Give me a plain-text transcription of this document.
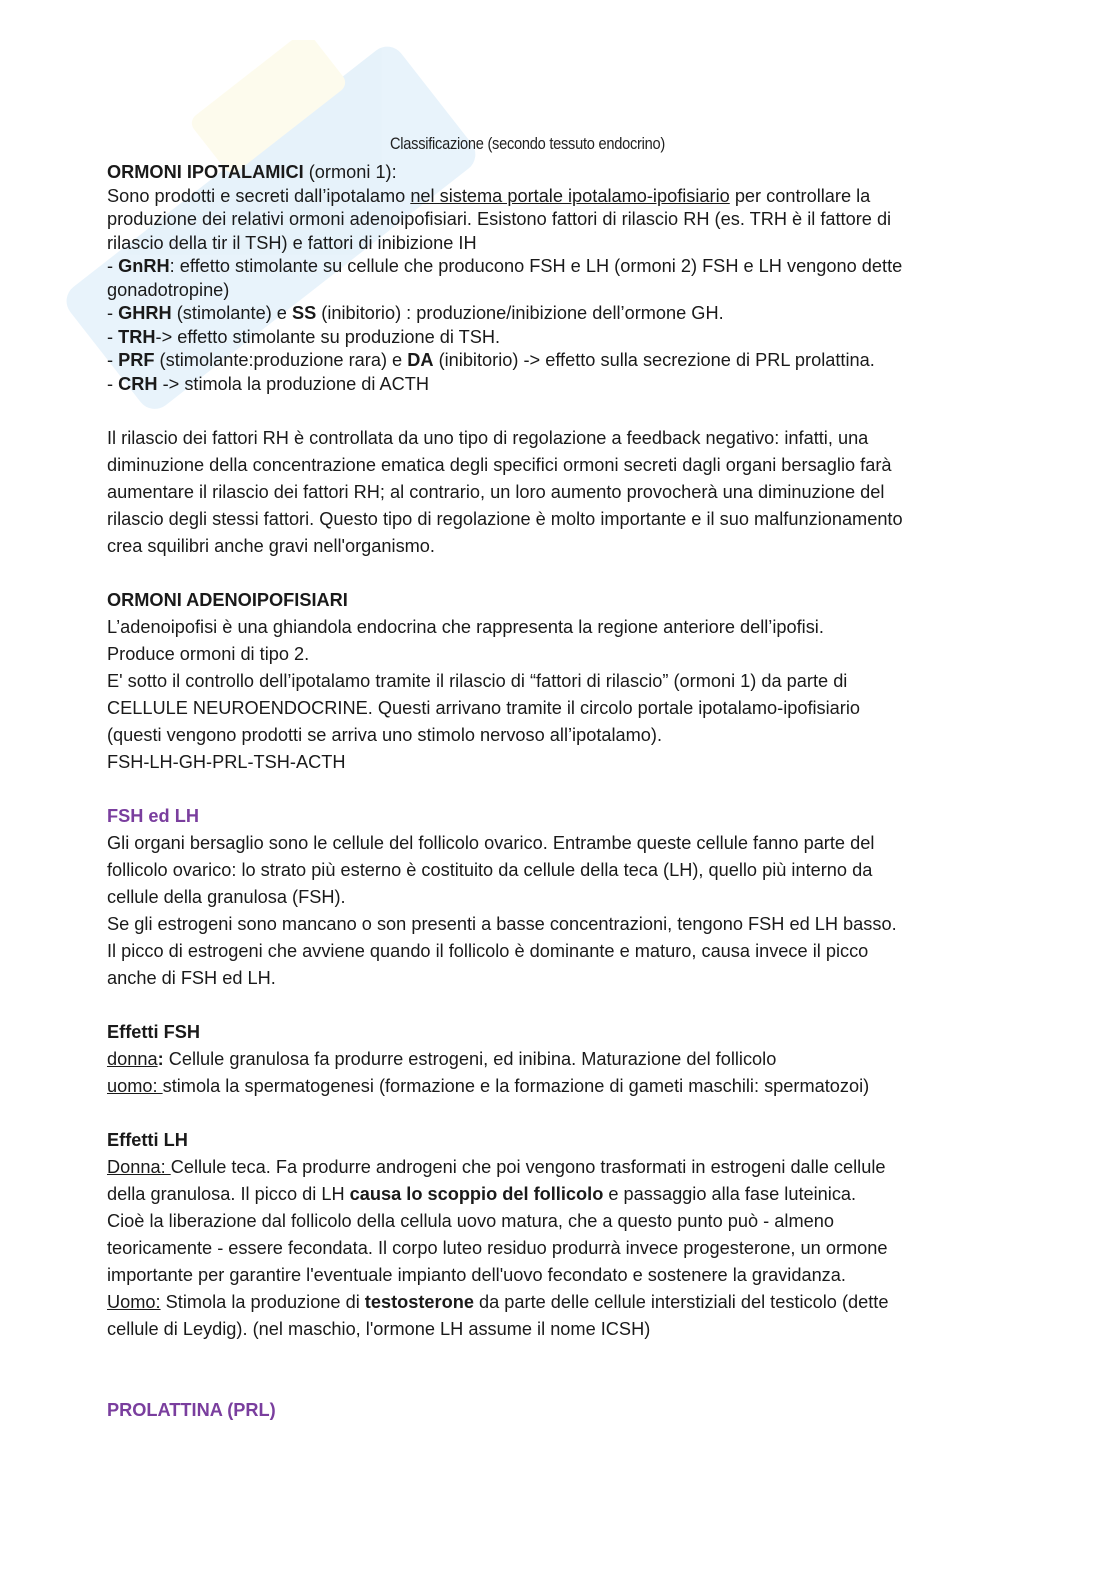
Classificazione (secondo tessuto endocrino)
ORMONI IPOTALAMICI (ormoni 1):
Sono prodotti e secreti dall’ipotalamo nel sistema portale ipotalamo-ipofisiario per controllare la
produzione dei relativi ormoni adenoipofisiari. Esistono fattori di rilascio RH (es. TRH è il fattore di
rilascio della tir il TSH) e fattori di inibizione IH
- GnRH: effetto stimolante su cellule che producono FSH e LH (ormoni 2) FSH e LH vengono dette
gonadotropine)
- GHRH (stimolante) e SS (inibitorio) : produzione/inibizione dell’ormone GH.
- TRH-> effetto stimolante su produzione di TSH.
- PRF (stimolante:produzione rara) e DA (inibitorio) -> effetto sulla secrezione di PRL prolattina.
- CRH -> stimola la produzione di ACTH
Il rilascio dei fattori RH è controllata da uno tipo di regolazione a feedback negativo: infatti, una
diminuzione della concentrazione ematica degli specifici ormoni secreti dagli organi bersaglio farà
aumentare il rilascio dei fattori RH; al contrario, un loro aumento provocherà una diminuzione del
rilascio degli stessi fattori. Questo tipo di regolazione è molto importante e il suo malfunzionamento
crea squilibri anche gravi nell'organismo.
ORMONI ADENOIPOFISIARI
L’adenoipofisi è una ghiandola endocrina che rappresenta la regione anteriore dell’ipofisi.
Produce ormoni di tipo 2.
E' sotto il controllo dell’ipotalamo tramite il rilascio di “fattori di rilascio” (ormoni 1) da parte di
CELLULE NEUROENDOCRINE. Questi arrivano tramite il circolo portale ipotalamo-ipofisiario
(questi vengono prodotti se arriva uno stimolo nervoso all’ipotalamo).
FSH-LH-GH-PRL-TSH-ACTH
FSH ed LH
Gli organi bersaglio sono le cellule del follicolo ovarico. Entrambe queste cellule fanno parte del
follicolo ovarico: lo strato più esterno è costituito da cellule della teca (LH), quello più interno da
cellule della granulosa (FSH).
Se gli estrogeni sono mancano o son presenti a basse concentrazioni, tengono FSH ed LH basso.
Il picco di estrogeni che avviene quando il follicolo è dominante e maturo, causa invece il picco
anche di FSH ed LH.
Effetti FSH
donna: Cellule granulosa fa produrre estrogeni, ed inibina. Maturazione del follicolo
uomo: stimola la spermatogenesi (formazione e la formazione di gameti maschili: spermatozoi)
Effetti LH
Donna: Cellule teca. Fa produrre androgeni che poi vengono trasformati in estrogeni dalle cellule
della granulosa. Il picco di LH causa lo scoppio del follicolo e passaggio alla fase luteinica.
Cioè la liberazione dal follicolo della cellula uovo matura, che a questo punto può - almeno
teoricamente - essere fecondata. Il corpo luteo residuo produrrà invece progesterone, un ormone
importante per garantire l'eventuale impianto dell'uovo fecondato e sostenere la gravidanza.
Uomo: Stimola la produzione di testosterone da parte delle cellule interstiziali del testicolo (dette
cellule di Leydig). (nel maschio, l'ormone LH assume il nome ICSH)
PROLATTINA (PRL)
